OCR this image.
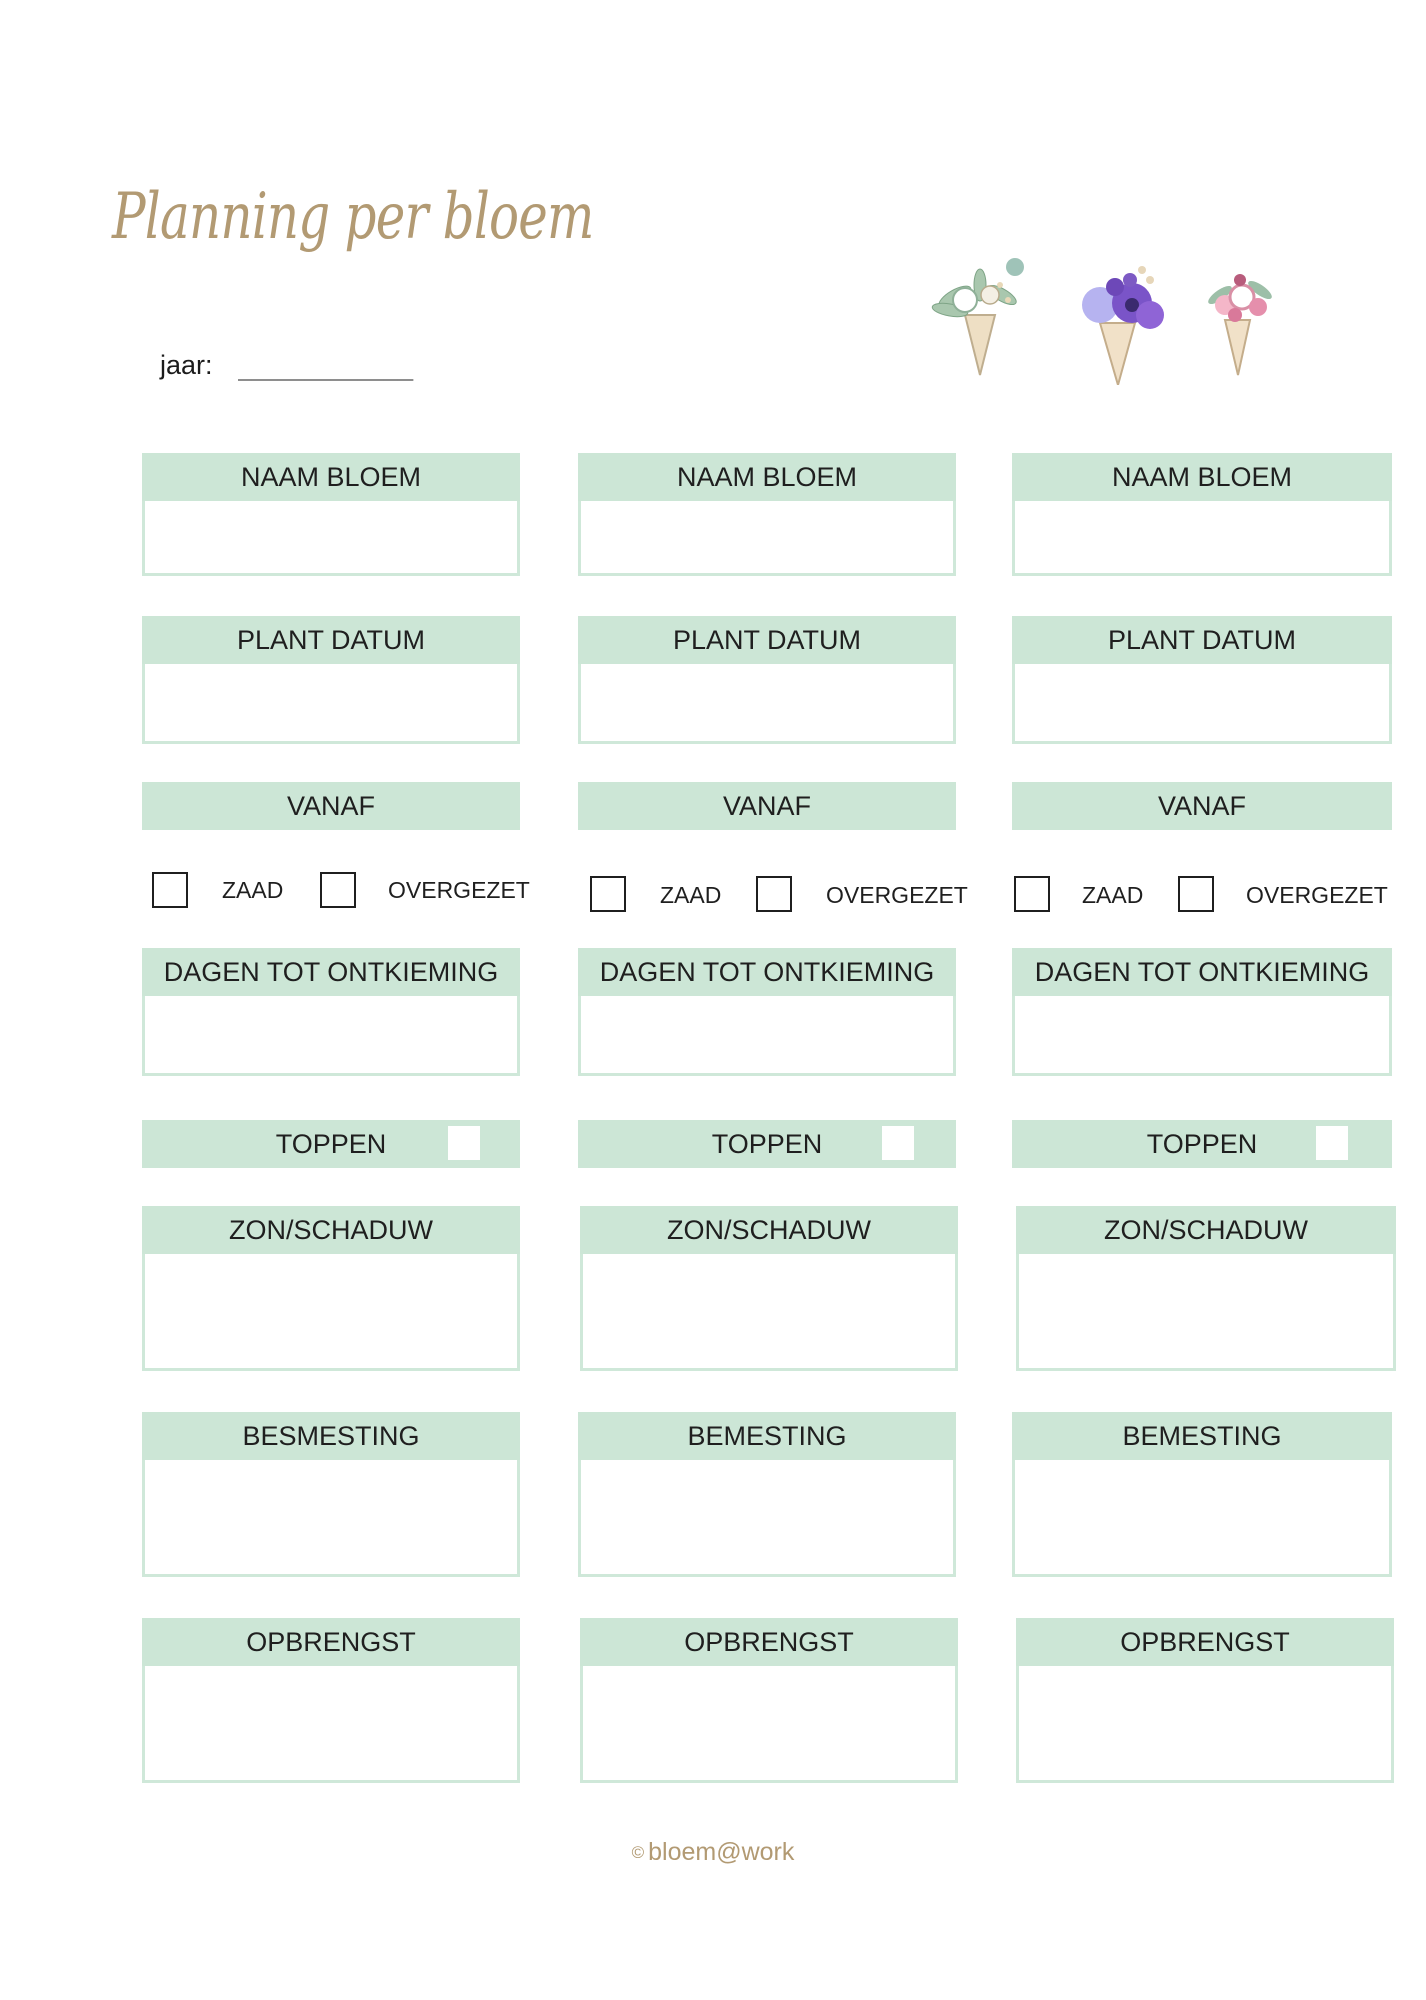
Planning per bloem
jaar: _____________
NAAM BLOEM
PLANT DATUM
VANAF
ZAAD	OVERGEZET
DAGEN TOT ONTKIEMING
TOPPEN
ZON/SCHADUW
BESMESTING
OPBRENGST
NAAM BLOEM
PLANT DATUM
VANAF
ZAAD	OVERGEZET
DAGEN TOT ONTKIEMING
TOPPEN
ZON/SCHADUW
BEMESTING
OPBRENGST
NAAM BLOEM
PLANT DATUM
VANAF
ZAAD	OVERGEZET
DAGEN TOT ONTKIEMING
TOPPEN
ZON/SCHADUW
BEMESTING
OPBRENGST
© bloem@work
